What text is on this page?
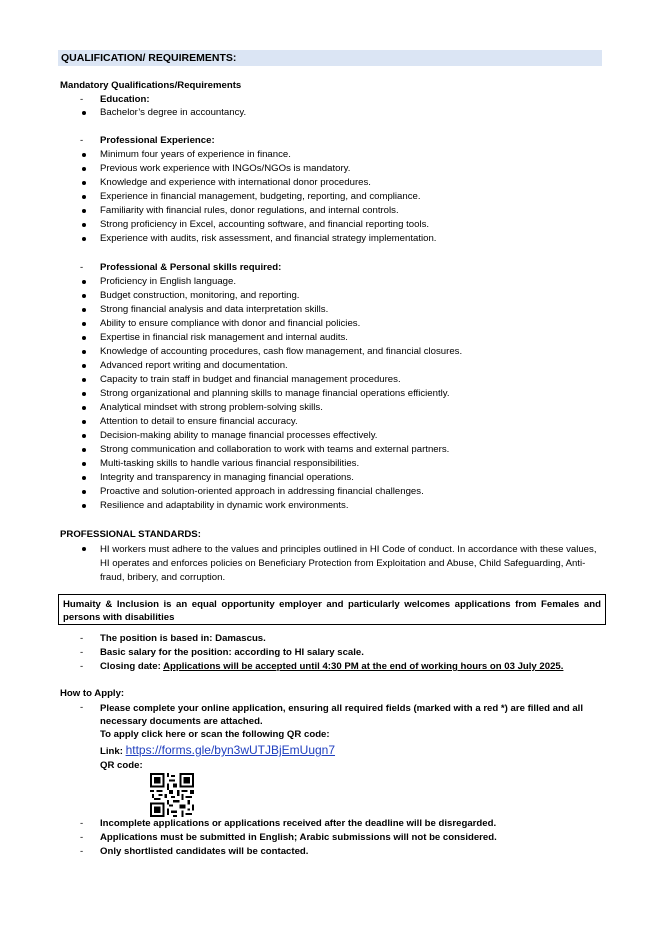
QUALIFICATION/ REQUIREMENTS:
Mandatory Qualifications/Requirements
- Education:
Bachelor’s degree in accountancy.
- Professional Experience:
Minimum four years of experience in finance.
Previous work experience with INGOs/NGOs is mandatory.
Knowledge and experience with international donor procedures.
Experience in financial management, budgeting, reporting, and compliance.
Familiarity with financial rules, donor regulations, and internal controls.
Strong proficiency in Excel, accounting software, and financial reporting tools.
Experience with audits, risk assessment, and financial strategy implementation.
- Professional & Personal skills required:
Proficiency in English language.
Budget construction, monitoring, and reporting.
Strong financial analysis and data interpretation skills.
Ability to ensure compliance with donor and financial policies.
Expertise in financial risk management and internal audits.
Knowledge of accounting procedures, cash flow management, and financial closures.
Advanced report writing and documentation.
Capacity to train staff in budget and financial management procedures.
Strong organizational and planning skills to manage financial operations efficiently.
Analytical mindset with strong problem-solving skills.
Attention to detail to ensure financial accuracy.
Decision-making ability to manage financial processes effectively.
Strong communication and collaboration to work with teams and external partners.
Multi-tasking skills to handle various financial responsibilities.
Integrity and transparency in managing financial operations.
Proactive and solution-oriented approach in addressing financial challenges.
Resilience and adaptability in dynamic work environments.
PROFESSIONAL STANDARDS:
HI workers must adhere to the values and principles outlined in HI Code of conduct. In accordance with these values, HI operates and enforces policies on Beneficiary Protection from Exploitation and Abuse, Child Safeguarding, Anti-fraud, bribery, and corruption.
Humaity & Inclusion is an equal opportunity employer and particularly welcomes applications from Females and persons with disabilities
- The position is based in: Damascus.
- Basic salary for the position: according to HI salary scale.
- Closing date: Applications will be accepted until 4:30 PM at the end of working hours on 03 July 2025.
How to Apply:
- Please complete your online application, ensuring all required fields (marked with a red *) are filled and all necessary documents are attached.
To apply click here or scan the following QR code:
Link: https://forms.gle/byn3wUTJBjEmUugn7
QR code:
- Incomplete applications or applications received after the deadline will be disregarded.
- Applications must be submitted in English; Arabic submissions will not be considered.
- Only shortlisted candidates will be contacted.
